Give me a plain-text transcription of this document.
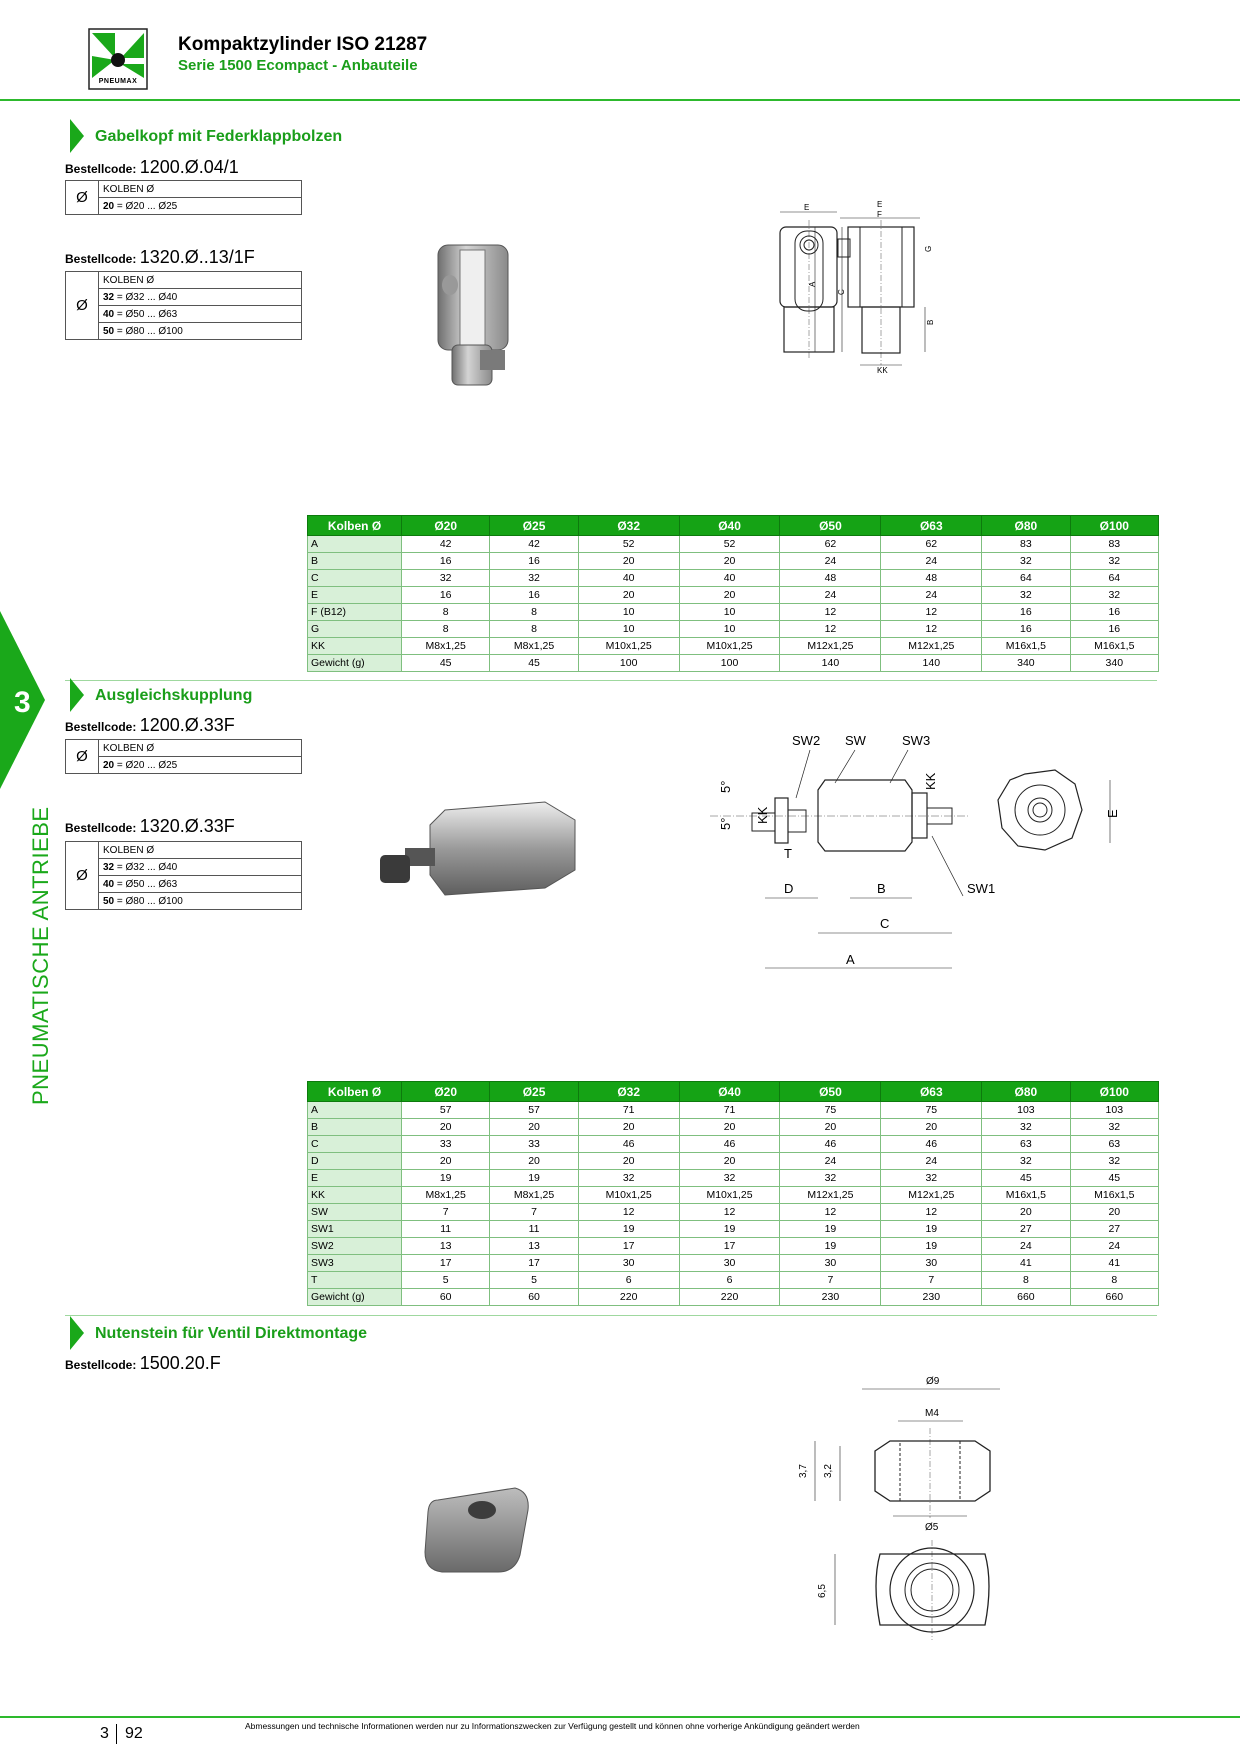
PNEUMAX
Kompaktzylinder ISO 21287
Serie 1500 Ecompact - Anbauteile
3
PNEUMATISCHE ANTRIEBE
Gabelkopf mit Federklappbolzen
Bestellcode: 1200.Ø.04/1
Ø	KOLBEN Ø
20 = Ø20 ... Ø25
Bestellcode: 1320.Ø..13/1F
Ø	KOLBEN Ø
32 = Ø32 ... Ø40
40 = Ø50 ... Ø63
50 = Ø80 ... Ø100
E	E
F
G
A
C
B
KK
Kolben Ø	Ø20	Ø25	Ø32	Ø40	Ø50	Ø63	Ø80	Ø100
A	42	42	52	52	62	62	83	83
B	16	16	20	20	24	24	32	32
C	32	32	40	40	48	48	64	64
E	16	16	20	20	24	24	32	32
F (B12)	8	8	10	10	12	12	16	16
G	8	8	10	10	12	12	16	16
KK	M8x1,25	M8x1,25	M10x1,25	M10x1,25	M12x1,25	M12x1,25	M16x1,5	M16x1,5
Gewicht (g)	45	45	100	100	140	140	340	340
Ausgleichskupplung
Bestellcode: 1200.Ø.33F
Ø	KOLBEN Ø
20 = Ø20 ... Ø25
Bestellcode: 1320.Ø.33F
Ø	KOLBEN Ø
32 = Ø32 ... Ø40
40 = Ø50 ... Ø63
50 = Ø80 ... Ø100
SW2 SW	SW3
KK
5°
5° KK
T
D	B	SW1
C
A
E
Kolben Ø	Ø20	Ø25	Ø32	Ø40	Ø50	Ø63	Ø80	Ø100
A	57	57	71	71	75	75	103	103
B	20	20	20	20	20	20	32	32
C	33	33	46	46	46	46	63	63
D	20	20	20	20	24	24	32	32
E	19	19	32	32	32	32	45	45
KK	M8x1,25	M8x1,25	M10x1,25	M10x1,25	M12x1,25	M12x1,25	M16x1,5	M16x1,5
SW	7	7	12	12	12	12	20	20
SW1	11	11	19	19	19	19	27	27
SW2	13	13	17	17	19	19	24	24
SW3	17	17	30	30	30	30	41	41
T	5	5	6	6	7	7	8	8
Gewicht (g)	60	60	220	220	230	230	660	660
Nutenstein für Ventil Direktmontage
Bestellcode: 1500.20.F
Ø9
M4
3,7 3,2
Ø5
6,5
3 92	Abmessungen und technische Informationen werden nur zu Informationszwecken zur Verfügung gestellt und können ohne vorherige Ankündigung geändert werden
